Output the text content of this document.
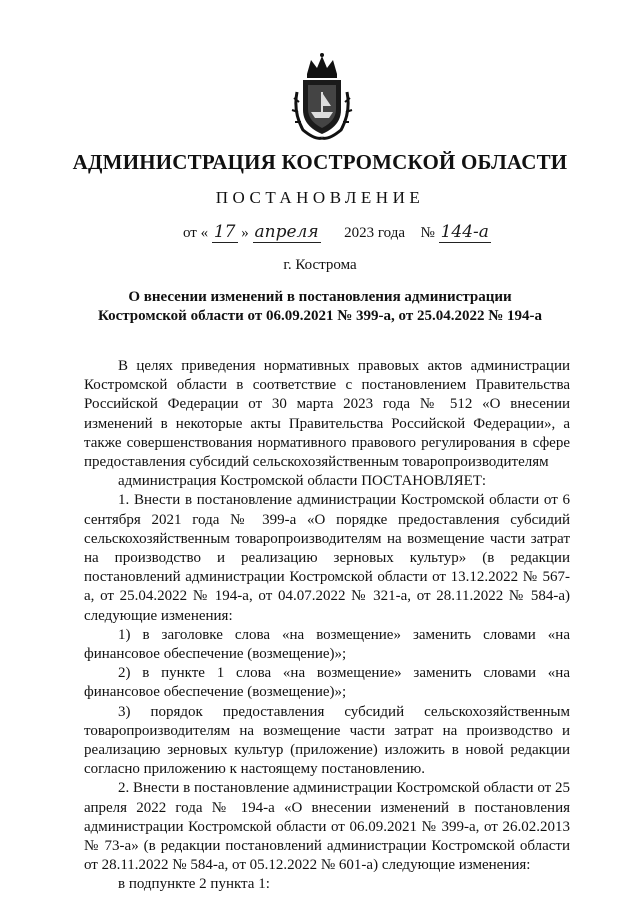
АДМИНИСТРАЦИЯ КОСТРОМСКОЙ ОБЛАСТИ
ПОСТАНОВЛЕНИЕ
от « 17 » апреля 2023 года № 144-а
г. Кострома
О внесении изменений в постановления администрации
Костромской области от 06.09.2021 № 399-а, от 25.04.2022 № 194-а

В целях приведения нормативных правовых актов администрации Костромской области в соответствие с постановлением Правительства Российской Федерации от 30 марта 2023 года № 512 «О внесении изменений в некоторые акты Правительства Российской Федерации», а также совершенствования нормативного правового регулирования в сфере предоставления субсидий сельскохозяйственным товаропроизводителям

администрация Костромской области ПОСТАНОВЛЯЕТ:

1. Внести в постановление администрации Костромской области от 6 сентября 2021 года № 399-а «О порядке предоставления субсидий сельскохозяйственным товаропроизводителям на возмещение части затрат на производство и реализацию зерновых культур» (в редакции постановлений администрации Костромской области от 13.12.2022 № 567-а, от 25.04.2022 № 194-а, от 04.07.2022 № 321-а, от 28.11.2022 № 584-а) следующие изменения:

1) в заголовке слова «на возмещение» заменить словами «на финансовое обеспечение (возмещение)»;

2) в пункте 1 слова «на возмещение» заменить словами «на финансовое обеспечение (возмещение)»;

3) порядок предоставления субсидий сельскохозяйственным товаропроизводителям на возмещение части затрат на производство и реализацию зерновых культур (приложение) изложить в новой редакции согласно приложению к настоящему постановлению.

2. Внести в постановление администрации Костромской области от 25 апреля 2022 года № 194-а «О внесении изменений в постановления администрации Костромской области от 06.09.2021 № 399-а, от 26.02.2013 № 73-а» (в редакции постановлений администрации Костромской области от 28.11.2022 № 584-а, от 05.12.2022 № 601-а) следующие изменения:

в подпункте 2 пункта 1:
